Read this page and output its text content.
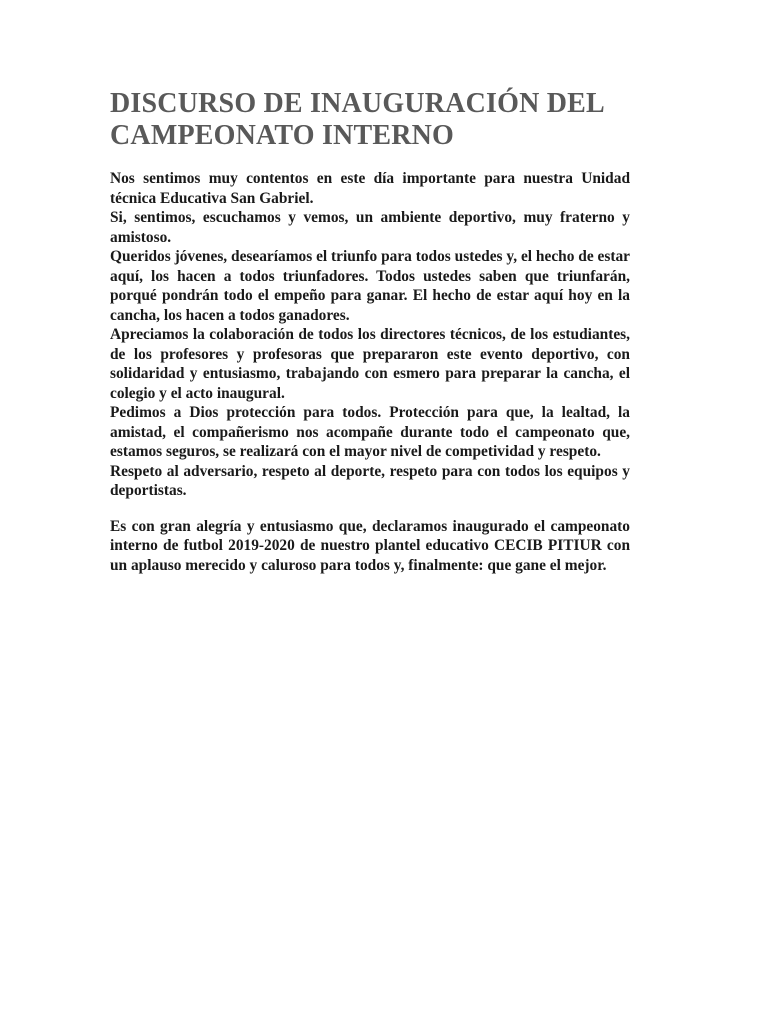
DISCURSO DE INAUGURACIÓN DEL CAMPEONATO INTERNO

Nos sentimos muy contentos en este día importante para nuestra Unidad técnica Educativa San Gabriel.

Si, sentimos, escuchamos y vemos, un ambiente deportivo, muy fraterno y amistoso.

Queridos jóvenes, desearíamos el triunfo para todos ustedes y, el hecho de estar aquí, los hacen a todos triunfadores. Todos ustedes saben que triunfarán, porqué pondrán todo el empeño para ganar. El hecho de estar aquí hoy en la cancha, los hacen a todos ganadores.

Apreciamos la colaboración de todos los directores técnicos, de los estudiantes, de los profesores y profesoras que prepararon este evento deportivo, con solidaridad y entusiasmo, trabajando con esmero para preparar la cancha, el colegio y el acto inaugural.

Pedimos a Dios protección para todos. Protección para que, la lealtad, la amistad, el compañerismo nos acompañe durante todo el campeonato que, estamos seguros, se realizará con el mayor nivel de competividad y respeto.

Respeto al adversario, respeto al deporte, respeto para con todos los equipos y deportistas.

Es con gran alegría y entusiasmo que, declaramos inaugurado el campeonato interno de futbol 2019-2020 de nuestro plantel educativo CECIB PITIUR con un aplauso merecido y caluroso para todos y, finalmente: que gane el mejor.
